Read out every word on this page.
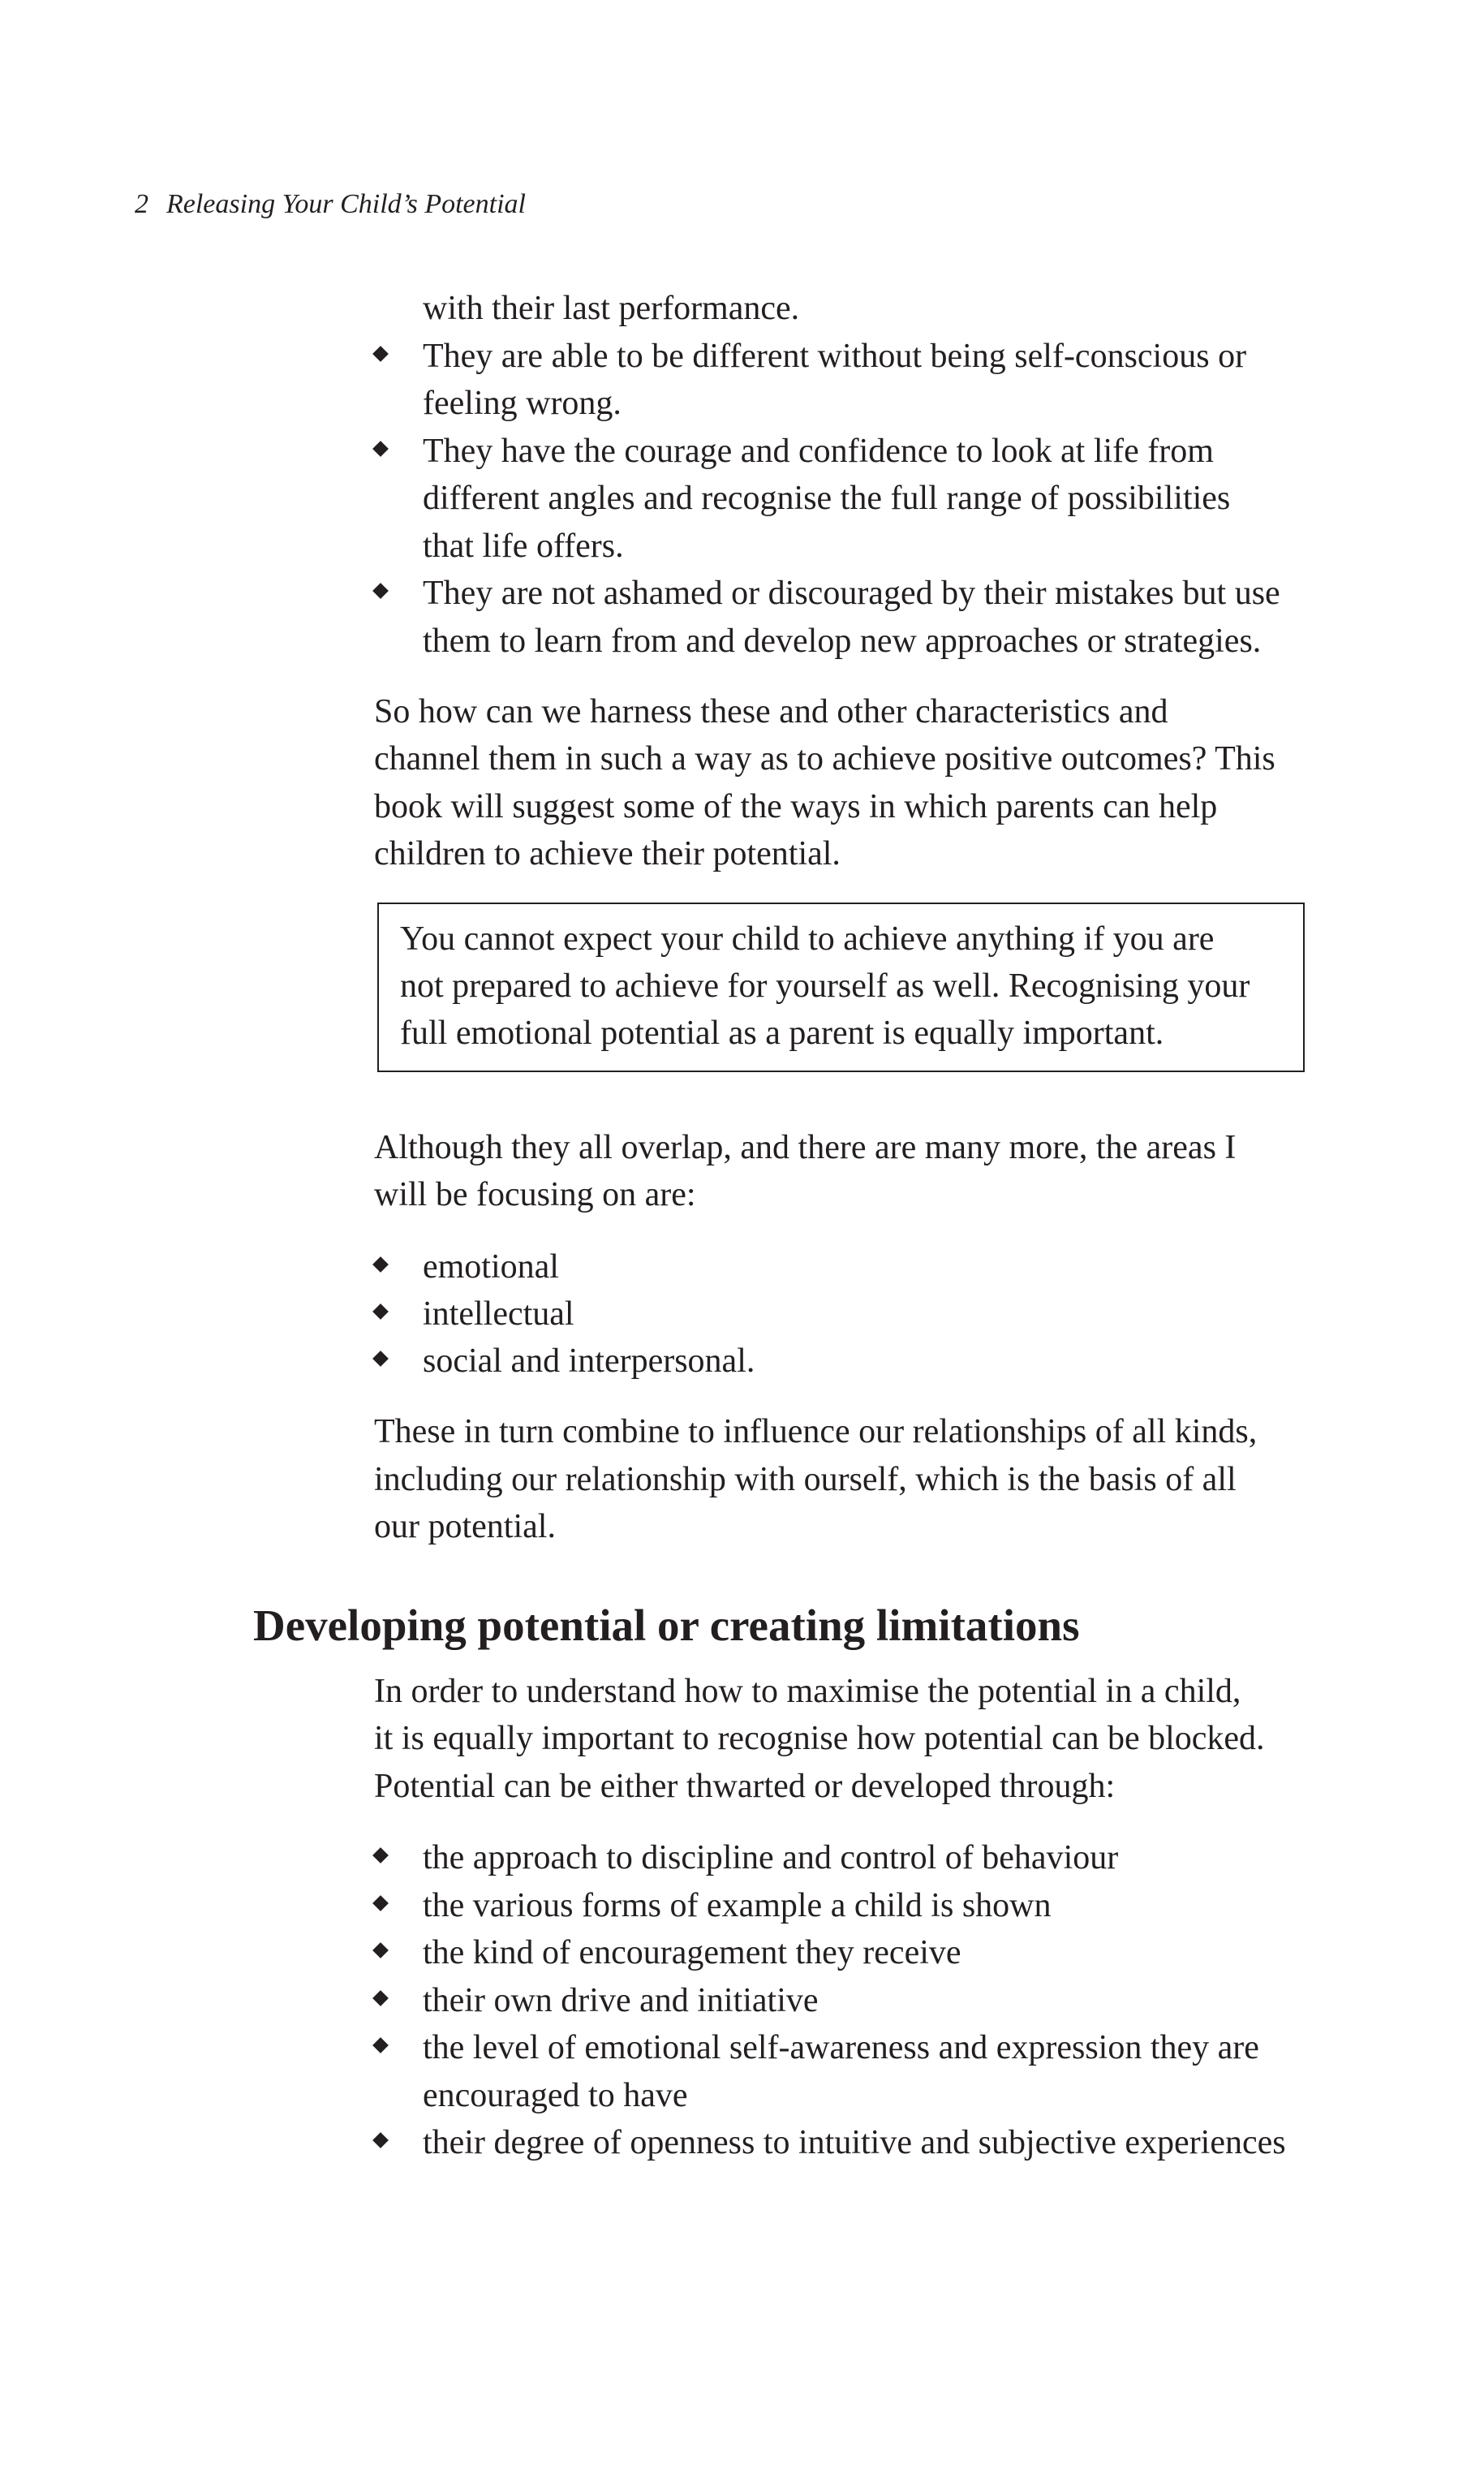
2 Releasing Your Child’s Potential
with their last performance.
They are able to be different without being self-conscious or
feeling wrong.
They have the courage and confidence to look at life from
different angles and recognise the full range of possibilities
that life offers.
They are not ashamed or discouraged by their mistakes but use
them to learn from and develop new approaches or strategies.
So how can we harness these and other characteristics and
channel them in such a way as to achieve positive outcomes? This
book will suggest some of the ways in which parents can help
children to achieve their potential.
You cannot expect your child to achieve anything if you are
not prepared to achieve for yourself as well. Recognising your
full emotional potential as a parent is equally important.
Although they all overlap, and there are many more, the areas I
will be focusing on are:
emotional
intellectual
social and interpersonal.
These in turn combine to influence our relationships of all kinds,
including our relationship with ourself, which is the basis of all
our potential.
Developing potential or creating limitations
In order to understand how to maximise the potential in a child,
it is equally important to recognise how potential can be blocked.
Potential can be either thwarted or developed through:
the approach to discipline and control of behaviour
the various forms of example a child is shown
the kind of encouragement they receive
their own drive and initiative
the level of emotional self-awareness and expression they are
encouraged to have
their degree of openness to intuitive and subjective experiences
